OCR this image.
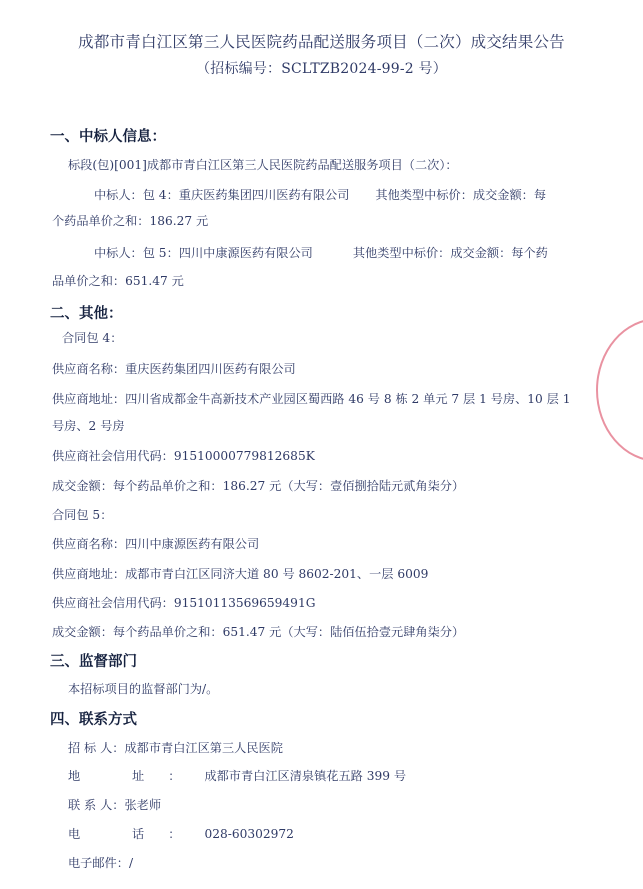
成都市青白江区第三人民医院药品配送服务项目（二次）成交结果公告
（招标编号：SCLTZB2024-99-2 号）
一、中标人信息：
标段(包)[001]成都市青白江区第三人民医院药品配送服务项目（二次）：
中标人：包 4：重庆医药集团四川医药有限公司 其他类型中标价：成交金额：每
个药品单价之和：186.27 元
中标人：包 5：四川中康源医药有限公司	其他类型中标价：成交金额：每个药
品单价之和：651.47 元
二、其他：
合同包 4：
供应商名称：重庆医药集团四川医药有限公司
供应商地址：四川省成都金牛高新技术产业园区蜀西路 46 号 8 栋 2 单元 7 层 1 号房、10 层 1
号房、2 号房
供应商社会信用代码：91510000779812685K
成交金额：每个药品单价之和：186.27 元（大写：壹佰捌拾陆元贰角柒分）
合同包 5：
供应商名称：四川中康源医药有限公司
供应商地址：成都市青白江区同济大道 80 号 8602-201、一层 6009
供应商社会信用代码：91510113569659491G
成交金额：每个药品单价之和：651.47 元（大写：陆佰伍拾壹元肆角柒分）
三、监督部门
本招标项目的监督部门为/。
四、联系方式
招 标 人：成都市青白江区第三人民医院
地 址：成都市青白江区清泉镇花五路 399 号
联 系 人：张老师
电 话：028-60302972
电子邮件：/
